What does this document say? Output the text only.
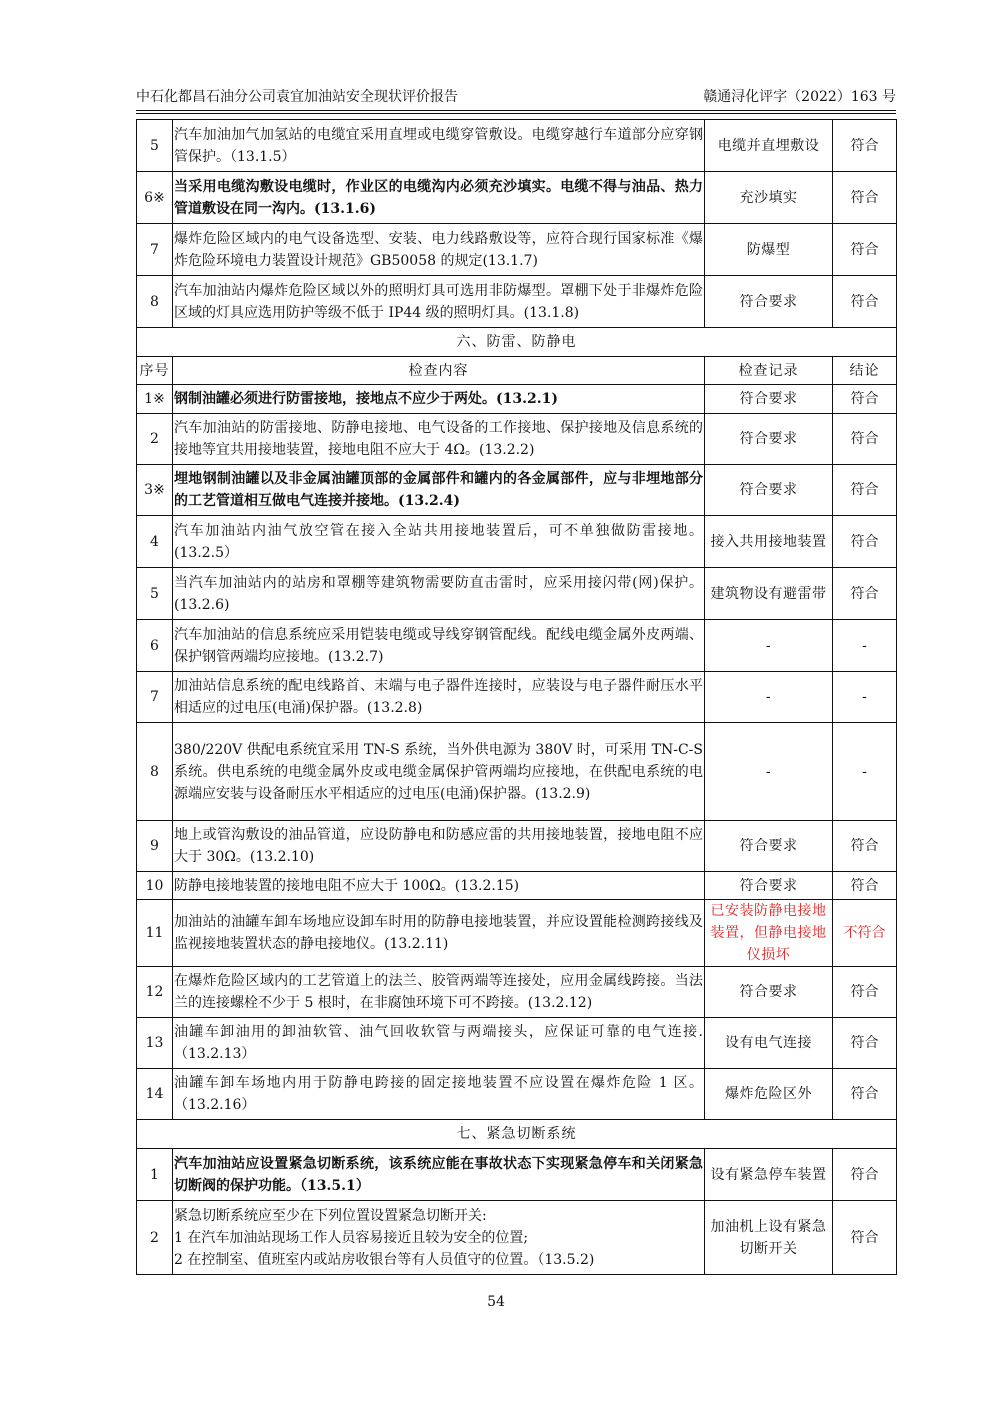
中石化都昌石油分公司袁宜加油站安全现状评价报告	赣通浔化评字（2022）163 号
5	汽车加油加气加氢站的电缆宜采用直埋或电缆穿管敷设。电缆穿越行车道部分应穿钢管保护。（13.1.5）	电缆并直埋敷设	符合
6※	当采用电缆沟敷设电缆时，作业区的电缆沟内必须充沙填实。电缆不得与油品、热力管道敷设在同一沟内。(13.1.6)	充沙填实	符合
7	爆炸危险区域内的电气设备选型、安装、电力线路敷设等，应符合现行国家标准《爆炸危险环境电力装置设计规范》GB50058 的规定(13.1.7)	防爆型	符合
8	汽车加油站内爆炸危险区域以外的照明灯具可选用非防爆型。罩棚下处于非爆炸危险区域的灯具应选用防护等级不低于 IP44 级的照明灯具。(13.1.8)	符合要求	符合
六、防雷、防静电			
序号	检查内容	检查记录	结论
1※	钢制油罐必须进行防雷接地，接地点不应少于两处。(13.2.1)	符合要求	符合
2	汽车加油站的防雷接地、防静电接地、电气设备的工作接地、保护接地及信息系统的接地等宜共用接地装置，接地电阻不应大于 4Ω。(13.2.2)	符合要求	符合
3※	埋地钢制油罐以及非金属油罐顶部的金属部件和罐内的各金属部件，应与非埋地部分的工艺管道相互做电气连接并接地。(13.2.4)	符合要求	符合
4	汽车加油站内油气放空管在接入全站共用接地装置后，可不单独做防雷接地。(13.2.5）	接入共用接地装置	符合
5	当汽车加油站内的站房和罩棚等建筑物需要防直击雷时，应采用接闪带(网)保护。(13.2.6)	建筑物设有避雷带	符合
6	汽车加油站的信息系统应采用铠装电缆或导线穿钢管配线。配线电缆金属外皮两端、保护钢管两端均应接地。(13.2.7)	-	-
7	加油站信息系统的配电线路首、末端与电子器件连接时，应装设与电子器件耐压水平相适应的过电压(电涌)保护器。(13.2.8)	-	-
8	380/220V 供配电系统宜采用 TN-S 系统，当外供电源为 380V 时，可采用 TN-C-S 系统。供电系统的电缆金属外皮或电缆金属保护管两端均应接地，在供配电系统的电源端应安装与设备耐压水平相适应的过电压(电涌)保护器。(13.2.9)	-	-
9	地上或管沟敷设的油品管道，应设防静电和防感应雷的共用接地装置，接地电阻不应大于 30Ω。(13.2.10)	符合要求	符合
10	防静电接地装置的接地电阻不应大于 100Ω。(13.2.15)	符合要求	符合
11	加油站的油罐车卸车场地应设卸车时用的防静电接地装置，并应设置能检测跨接线及监视接地装置状态的静电接地仪。(13.2.11)	已安装防静电接地装置，但静电接地仪损坏	不符合
12	在爆炸危险区域内的工艺管道上的法兰、胶管两端等连接处，应用金属线跨接。当法兰的连接螺栓不少于 5 根时，在非腐蚀环境下可不跨接。(13.2.12)	符合要求	符合
13	油罐车卸油用的卸油软管、油气回收软管与两端接头，应保证可靠的电气连接.（13.2.13）	设有电气连接	符合
14	油罐车卸车场地内用于防静电跨接的固定接地装置不应设置在爆炸危险 1 区。（13.2.16）	爆炸危险区外	符合
七、紧急切断系统			
1	汽车加油站应设置紧急切断系统，该系统应能在事故状态下实现紧急停车和关闭紧急切断阀的保护功能。（13.5.1）	设有紧急停车装置	符合
2	紧急切断系统应至少在下列位置设置紧急切断开关:
1 在汽车加油站现场工作人员容易接近且较为安全的位置;
2 在控制室、值班室内或站房收银台等有人员值守的位置。（13.5.2)	加油机上设有紧急切断开关	符合
54
